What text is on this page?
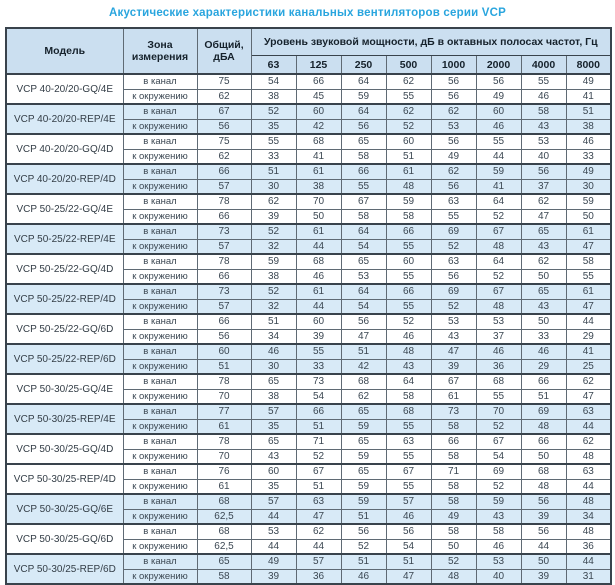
Акустические характеристики канальных вентиляторов серии VCP
Модель	Зона измерения	Общий, дБА	Уровень звуковой мощности, дБ в октавных полосах частот, Гц							
			63	125	250	500	1000	2000	4000	8000
VCP 40-20/20-GQ/4E	в канал	75	54	66	64	62	56	56	55	49
	к окружению	62	38	45	59	55	56	49	46	41
VCP 40-20/20-REP/4E	в канал	67	52	60	64	62	62	60	58	51
	к окружению	56	35	42	56	52	53	46	43	38
VCP 40-20/20-GQ/4D	в канал	75	55	68	65	60	56	55	53	46
	к окружению	62	33	41	58	51	49	44	40	33
VCP 40-20/20-REP/4D	в канал	66	51	61	66	61	62	59	56	49
	к окружению	57	30	38	55	48	56	41	37	30
VCP 50-25/22-GQ/4E	в канал	78	62	70	67	59	63	64	62	59
	к окружению	66	39	50	58	58	55	52	47	50
VCP 50-25/22-REP/4E	в канал	73	52	61	64	66	69	67	65	61
	к окружению	57	32	44	54	55	52	48	43	47
VCP 50-25/22-GQ/4D	в канал	78	59	68	65	60	63	64	62	58
	к окружению	66	38	46	53	55	56	52	50	55
VCP 50-25/22-REP/4D	в канал	73	52	61	64	66	69	67	65	61
	к окружению	57	32	44	54	55	52	48	43	47
VCP 50-25/22-GQ/6D	в канал	66	51	60	56	52	53	53	50	44
	к окружению	56	34	39	47	46	43	37	33	29
VCP 50-25/22-REP/6D	в канал	60	46	55	51	48	47	46	46	41
	к окружению	51	30	33	42	43	39	36	29	25
VCP 50-30/25-GQ/4E	в канал	78	65	73	68	64	67	68	66	62
	к окружению	70	38	54	62	58	61	55	51	47
VCP 50-30/25-REP/4E	в канал	77	57	66	65	68	73	70	69	63
	к окружению	61	35	51	59	55	58	52	48	44
VCP 50-30/25-GQ/4D	в канал	78	65	71	65	63	66	67	66	62
	к окружению	70	43	52	59	55	58	54	50	48
VCP 50-30/25-REP/4D	в канал	76	60	67	65	67	71	69	68	63
	к окружению	61	35	51	59	55	58	52	48	44
VCP 50-30/25-GQ/6E	в канал	68	57	63	59	57	58	59	56	48
	к окружению	62,5	44	47	51	46	49	43	39	34
VCP 50-30/25-GQ/6D	в канал	68	53	62	56	56	58	58	56	48
	к окружению	62,5	44	44	52	54	50	46	44	36
VCP 50-30/25-REP/6D	в канал	65	49	57	51	51	52	53	50	44
	к окружению	58	39	36	46	47	48	40	39	31
